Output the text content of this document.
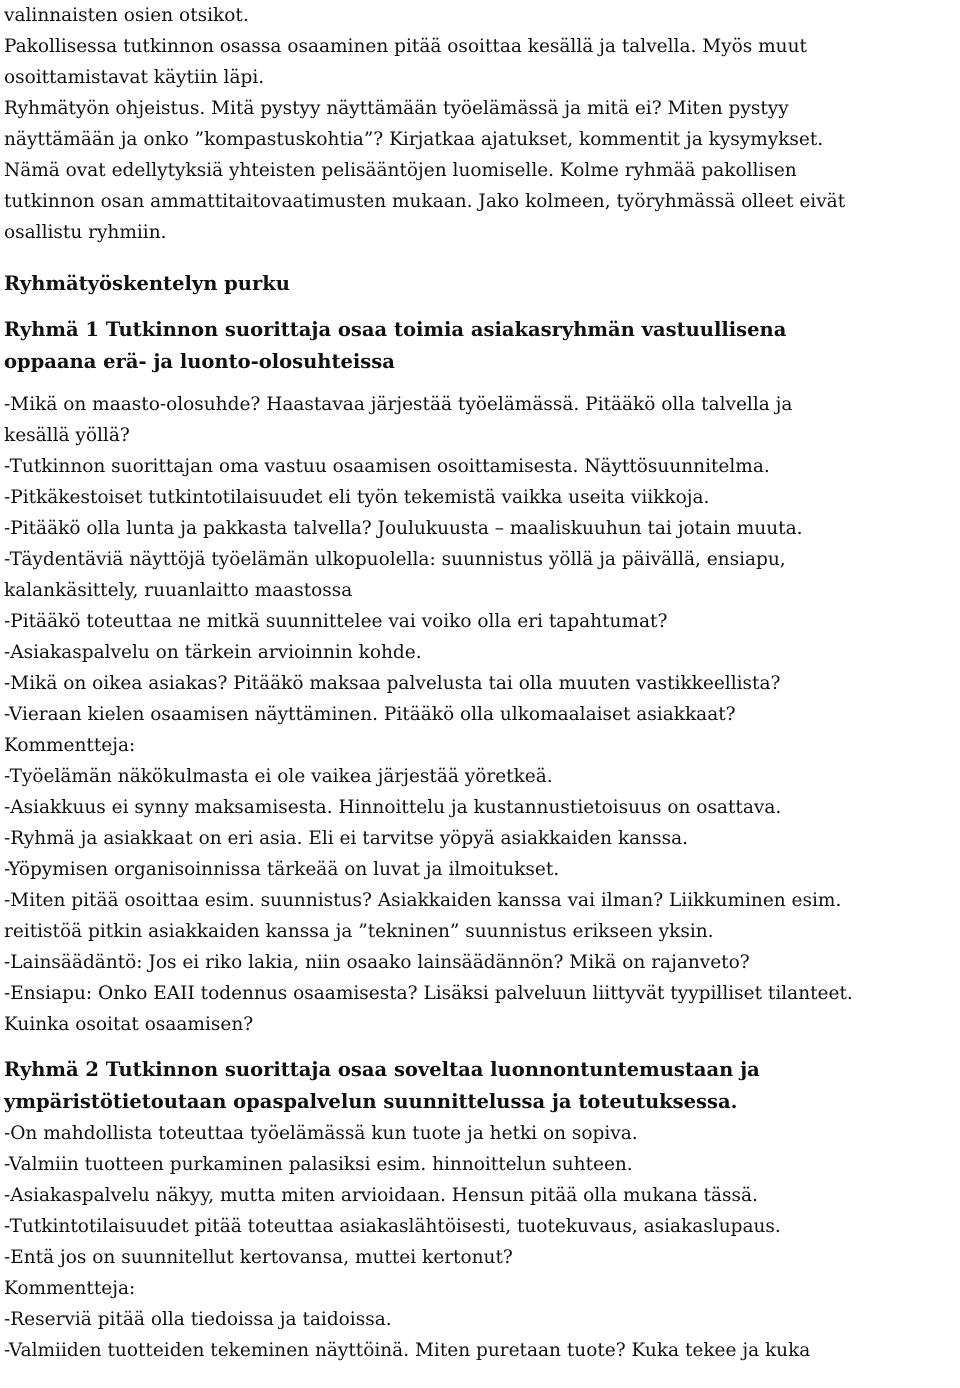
valinnaisten osien otsikot.
Pakollisessa tutkinnon osassa osaaminen pitää osoittaa kesällä ja talvella. Myös muut
osoittamistavat käytiin läpi.
Ryhmätyön ohjeistus. Mitä pystyy näyttämään työelämässä ja mitä ei? Miten pystyy
näyttämään ja onko ”kompastuskohtia”? Kirjatkaa ajatukset, kommentit ja kysymykset.
Nämä ovat edellytyksiä yhteisten pelisääntöjen luomiselle. Kolme ryhmää pakollisen
tutkinnon osan ammattitaitovaatimusten mukaan. Jako kolmeen, työryhmässä olleet eivät
osallistu ryhmiin.

Ryhmätyöskentelyn purku

Ryhmä 1 Tutkinnon suorittaja osaa toimia asiakasryhmän vastuullisena
oppaana erä- ja luonto-olosuhteissa
-Mikä on maasto-olosuhde? Haastavaa järjestää työelämässä. Pitääkö olla talvella ja
kesällä yöllä?
-Tutkinnon suorittajan oma vastuu osaamisen osoittamisesta. Näyttösuunnitelma.
-Pitkäkestoiset tutkintotilaisuudet eli työn tekemistä vaikka useita viikkoja.
-Pitääkö olla lunta ja pakkasta talvella? Joulukuusta – maaliskuuhun tai jotain muuta.
-Täydentäviä näyttöjä työelämän ulkopuolella: suunnistus yöllä ja päivällä, ensiapu,
kalankäsittely, ruuanlaitto maastossa
-Pitääkö toteuttaa ne mitkä suunnittelee vai voiko olla eri tapahtumat?
-Asiakaspalvelu on tärkein arvioinnin kohde.
-Mikä on oikea asiakas? Pitääkö maksaa palvelusta tai olla muuten vastikkeellista?
-Vieraan kielen osaamisen näyttäminen. Pitääkö olla ulkomaalaiset asiakkaat?
Kommentteja:
-Työelämän näkökulmasta ei ole vaikea järjestää yöretkeä.
-Asiakkuus ei synny maksamisesta. Hinnoittelu ja kustannustietoisuus on osattava.
-Ryhmä ja asiakkaat on eri asia. Eli ei tarvitse yöpyä asiakkaiden kanssa.
-Yöpymisen organisoinnissa tärkeää on luvat ja ilmoitukset.
-Miten pitää osoittaa esim. suunnistus? Asiakkaiden kanssa vai ilman? Liikkuminen esim.
reitistöä pitkin asiakkaiden kanssa ja ”tekninen” suunnistus erikseen yksin.
-Lainsäädäntö: Jos ei riko lakia, niin osaako lainsäädännön? Mikä on rajanveto?
-Ensiapu: Onko EAII todennus osaamisesta? Lisäksi palveluun liittyvät tyypilliset tilanteet.
Kuinka osoitat osaamisen?
Ryhmä 2 Tutkinnon suorittaja osaa soveltaa luonnontuntemustaan ja
ympäristötietoutaan opaspalvelun suunnittelussa ja toteutuksessa.
-On mahdollista toteuttaa työelämässä kun tuote ja hetki on sopiva.
-Valmiin tuotteen purkaminen palasiksi esim. hinnoittelun suhteen.
-Asiakaspalvelu näkyy, mutta miten arvioidaan. Hensun pitää olla mukana tässä.
-Tutkintotilaisuudet pitää toteuttaa asiakaslähtöisesti, tuotekuvaus, asiakaslupaus.
-Entä jos on suunnitellut kertovansa, muttei kertonut?
Kommentteja:
-Reserviä pitää olla tiedoissa ja taidoissa.
-Valmiiden tuotteiden tekeminen näyttöinä. Miten puretaan tuote? Kuka tekee ja kuka
